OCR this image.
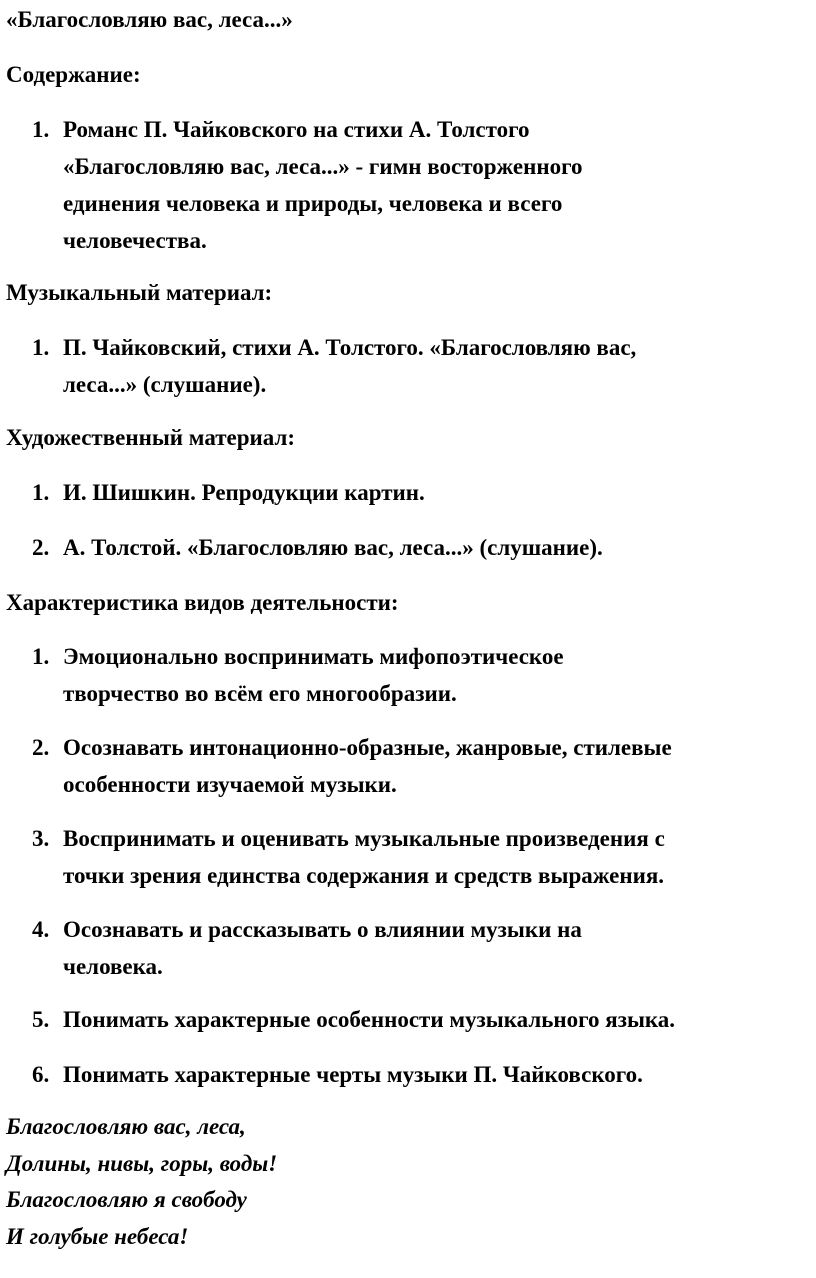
«Благословляю вас, леса...»

Содержание:

1. Романс П. Чайковского на стихи А. Толстого

«Благословляю вас, леса...» - гимн восторженного

единения человека и природы, человека и всего

человечества.

Музыкальный материал:

1. П. Чайковский, стихи А. Толстого. «Благословляю вас,

леса...» (слушание).

Художественный материал:

1. И. Шишкин. Репродукции картин.

2. А. Толстой. «Благословляю вас, леса...» (слушание).

Характеристика видов деятельности:

1. Эмоционально воспринимать мифопоэтическое

творчество во всём его многообразии.

2. Осознавать интонационно-образные, жанровые, стилевые

особенности изучаемой музыки.

3. Воспринимать и оценивать музыкальные произведения с

точки зрения единства содержания и средств выражения.

4. Осознавать и рассказывать о влиянии музыки на

человека.

5. Понимать характерные особенности музыкального языка.

6. Понимать характерные черты музыки П. Чайковского.

Благословляю вас, леса,

Долины, нивы, горы, воды!

Благословляю я свободу

И голубые небеса!
